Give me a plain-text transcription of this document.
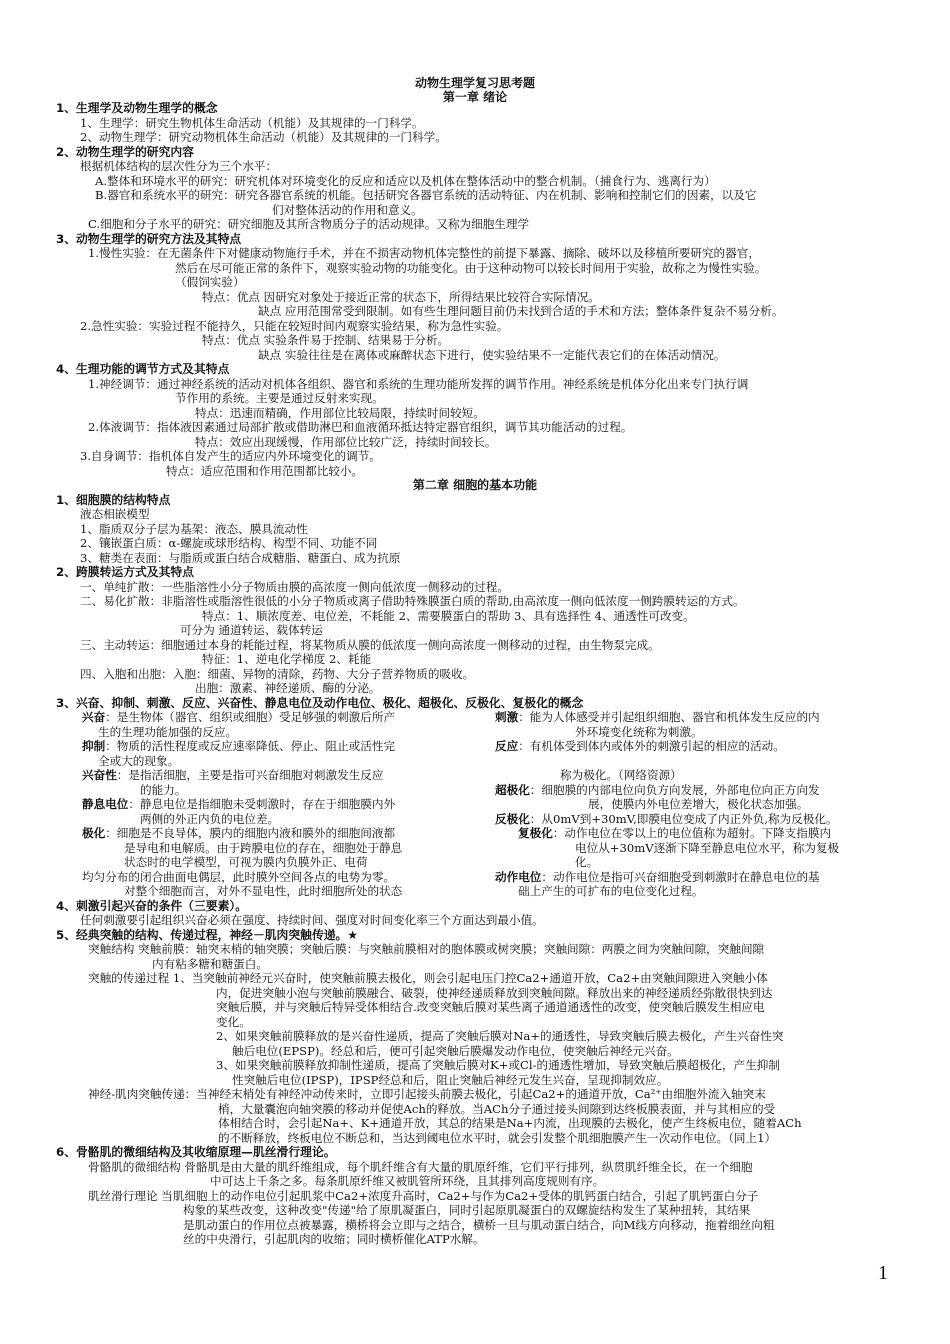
动物生理学复习思考题
第一章 绪论
第二章 细胞的基本功能
1、生理学及动物生理学的概念
1、生理学：研究生物机体生命活动（机能）及其规律的一门科学。
2、动物生理学：研究动物机体生命活动（机能）及其规律的一门科学。
2、动物生理学的研究内容
根据机体结构的层次性分为三个水平：
A.整体和环境水平的研究：研究机体对环境变化的反应和适应以及机体在整体活动中的整合机制。（捕食行为、逃离行为）
B.器官和系统水平的研究：研究各器官系统的机能。包括研究各器官系统的活动特征、内在机制、影响和控制它们的因素，以及它
们对整体活动的作用和意义。
C.细胞和分子水平的研究：研究细胞及其所含物质分子的活动规律。又称为细胞生理学
3、动物生理学的研究方法及其特点
1.慢性实验：在无菌条件下对健康动物施行手术，并在不损害动物机体完整性的前提下暴露、摘除、破坏以及移植所要研究的器官，
然后在尽可能正常的条件下，观察实验动物的功能变化。由于这种动物可以较长时间用于实验，故称之为慢性实验。
（假饲实验）
特点：优点 因研究对象处于接近正常的状态下，所得结果比较符合实际情况。
缺点 应用范围常受到限制。如有些生理问题目前仍未找到合适的手术和方法；整体条件复杂不易分析。
2.急性实验：实验过程不能持久，只能在较短时间内观察实验结果，称为急性实验。
特点：优点 实验条件易于控制、结果易于分析。
缺点 实验往往是在离体或麻醉状态下进行，使实验结果不一定能代表它们的在体活动情况。
4、生理功能的调节方式及其特点
1.神经调节：通过神经系统的活动对机体各组织、器官和系统的生理功能所发挥的调节作用。神经系统是机体分化出来专门执行调
节作用的系统。主要是通过反射来实现。
特点：迅速而精确，作用部位比较局限，持续时间较短。
2.体液调节：指体液因素通过局部扩散或借助淋巴和血液循环抵达特定器官组织，调节其功能活动的过程。
特点：效应出现缓慢，作用部位比较广泛，持续时间较长。
3.自身调节：指机体自发产生的适应内外环境变化的调节。
特点：适应范围和作用范围都比较小。
1、细胞膜的结构特点
液态相嵌模型
1、脂质双分子层为基架：液态、膜具流动性
2、镶嵌蛋白质：α-螺旋或球形结构、构型不同、功能不同
3、糖类在表面：与脂质或蛋白结合成糖脂、糖蛋白、成为抗原
2、跨膜转运方式及其特点
一、单纯扩散：一些脂溶性小分子物质由膜的高浓度一侧向低浓度一侧移动的过程。
二、易化扩散：非脂溶性或脂溶性很低的小分子物质或离子借助特殊膜蛋白质的帮助,由高浓度一侧向低浓度一侧跨膜转运的方式。
特点：1、顺浓度差、电位差，不耗能 2、需要膜蛋白的帮助 3、具有选择性 4、通透性可改变。
可分为 通道转运、载体转运
三、主动转运：细胞通过本身的耗能过程，将某物质从膜的低浓度一侧向高浓度一侧移动的过程，由生物泵完成。
特征：1、逆电化学梯度 2、耗能
四、入胞和出胞：入胞：细菌、异物的清除，药物、大分子营养物质的吸收。
出胞：激素、神经递质、酶的分泌。
3、兴奋、抑制、刺激、反应、兴奋性、静息电位及动作电位、极化、超极化、反极化、复极化的概念
兴奋：是生物体（器官、组织或细胞）受足够强的刺激后所产
生的生理功能加强的反应。
抑制：物质的活性程度或反应速率降低、停止、阻止或活性完
全或大的现象。
兴奋性：是指活细胞，主要是指可兴奋细胞对刺激发生反应
的能力。
静息电位：静息电位是指细胞未受刺激时，存在于细胞膜内外
两侧的外正内负的电位差。
极化：细胞是不良导体，膜内的细胞内液和膜外的细胞间液都
是导电和电解质。由于跨膜电位的存在，细胞处于静息
状态时的电学模型，可视为膜内负膜外正、电荷
均匀分布的闭合曲面电偶层，此时膜外空间各点的电势为零。
对整个细胞而言，对外不显电性，此时细胞所处的状态
刺激：能为人体感受并引起组织细胞、器官和机体发生反应的内
外环境变化统称为刺激。
反应：有机体受到体内或体外的刺激引起的相应的活动。
称为极化。（网络资源）
超极化：细胞膜的内部电位向负方向发展，外部电位向正方向发
展，使膜内外电位差增大，极化状态加强。
反极化：从0mV到+30mV,即膜电位变成了内正外负,称为反极化。
复极化：动作电位在零以上的电位值称为超射。下降支指膜内
电位从+30mV逐渐下降至静息电位水平，称为复极
化。
动作电位：动作电位是指可兴奋细胞受到刺激时在静息电位的基
础上产生的可扩布的电位变化过程。
4、刺激引起兴奋的条件（三要素）。
任何刺激要引起组织兴奋必须在强度、持续时间、强度对时间变化率三个方面达到最小值。
5、经典突触的结构、传递过程，神经－肌肉突触传递。★
突触结构 突触前膜：轴突末梢的轴突膜；突触后膜：与突触前膜相对的胞体膜或树突膜；突触间隙：两膜之间为突触间隙，突触间隙
内有粘多糖和糖蛋白。
突触的传递过程 1、当突触前神经元兴奋时，使突触前膜去极化，则会引起电压门控Ca2+通道开放，Ca2+由突触间隙进入突触小体
内，促进突触小泡与突触前膜融合、破裂，使神经递质释放到突触间隙。释放出来的神经递质经弥散很快到达
突触后膜，并与突触后特异受体相结合.改变突触后膜对某些离子通道通透性的改变，使突触后膜发生相应电
变化。
2、如果突触前膜释放的是兴奋性递质，提高了突触后膜对Na+的通透性，导致突触后膜去极化，产生兴奋性突
触后电位(EPSP)。经总和后，便可引起突触后膜爆发动作电位，使突触后神经元兴奋。
3、如果突触前膜释放抑制性递质，提高了突触后膜对K+或Cl-的通透性增加，导致突触后膜超极化，产生抑制
性突触后电位(IPSP)，IPSP经总和后，阻止突触后神经元发生兴奋，呈现抑制效应。
神经-肌肉突触传递：当神经末梢处有神经冲动传来时，立即引起接头前膜去极化，引起Ca2+的通道开放，Ca²⁺由细胞外流入轴突末
梢，大量囊泡向轴突膜的移动并促使Ach的释放。当ACh分子通过接头间隙到达终板膜表面，并与其相应的受
体相结合时，会引起Na+、K+通道开放，其总的结果是Na+内流，出现膜的去极化，使产生终板电位，随着ACh
的不断释放，终板电位不断总和，当达到阈电位水平时，就会引发整个肌细胞膜产生一次动作电位。（同上1）
6、骨骼肌的微细结构及其收缩原理—肌丝滑行理论。
骨骼肌的微细结构 骨骼肌是由大量的肌纤维组成，每个肌纤维含有大量的肌原纤维，它们平行排列，纵贯肌纤维全长，在一个细胞
中可达上千条之多。每条肌原纤维又被肌管所环绕，且其排列高度规则有序。
肌丝滑行理论 当肌细胞上的动作电位引起肌浆中Ca2+浓度升高时，Ca2+与作为Ca2+受体的肌钙蛋白结合，引起了肌钙蛋白分子
构象的某些改变，这种改变"传递"给了原肌凝蛋白，同时引起原肌凝蛋白的双螺旋结构发生了某种扭转，其结果
是肌动蛋白的作用位点被暴露，横桥将会立即与之结合，横桥一旦与肌动蛋白结合，向M线方向移动，拖着细丝向粗
丝的中央滑行，引起肌肉的收缩；同时横桥催化ATP水解。
1
